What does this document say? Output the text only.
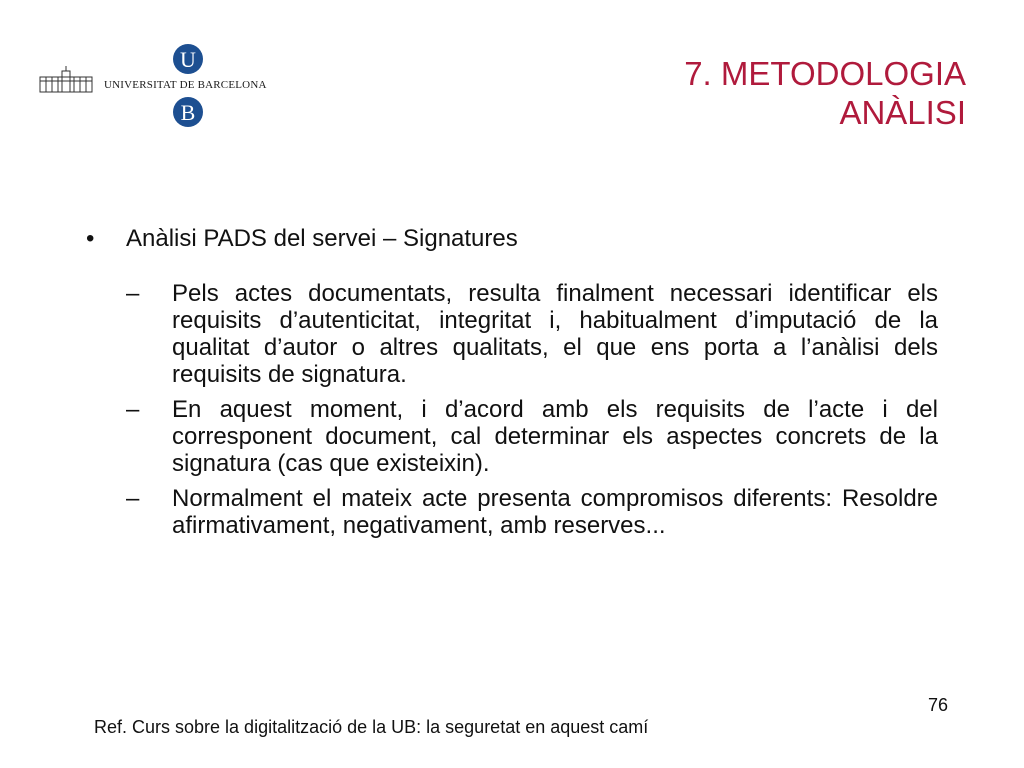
U
B
UNIVERSITAT DE BARCELONA	7. METODOLOGIA
ANÀLISI
•	Anàlisi PADS del servei – Signatures
–	Pels actes documentats, resulta finalment necessari identificar els requisits d’autenticitat, integritat i, habitualment d’imputació de la qualitat d’autor o altres qualitats, el que ens porta a l’anàlisi dels requisits de signatura.
–	En aquest moment, i d’acord amb els requisits de l’acte i del corresponent document, cal determinar els aspectes concrets de la signatura (cas que existeixin).
–	Normalment el mateix acte presenta compromisos diferents: Resoldre afirmativament, negativament, amb reserves...
76
Ref. Curs sobre la digitalització de la UB: la seguretat en aquest camí
